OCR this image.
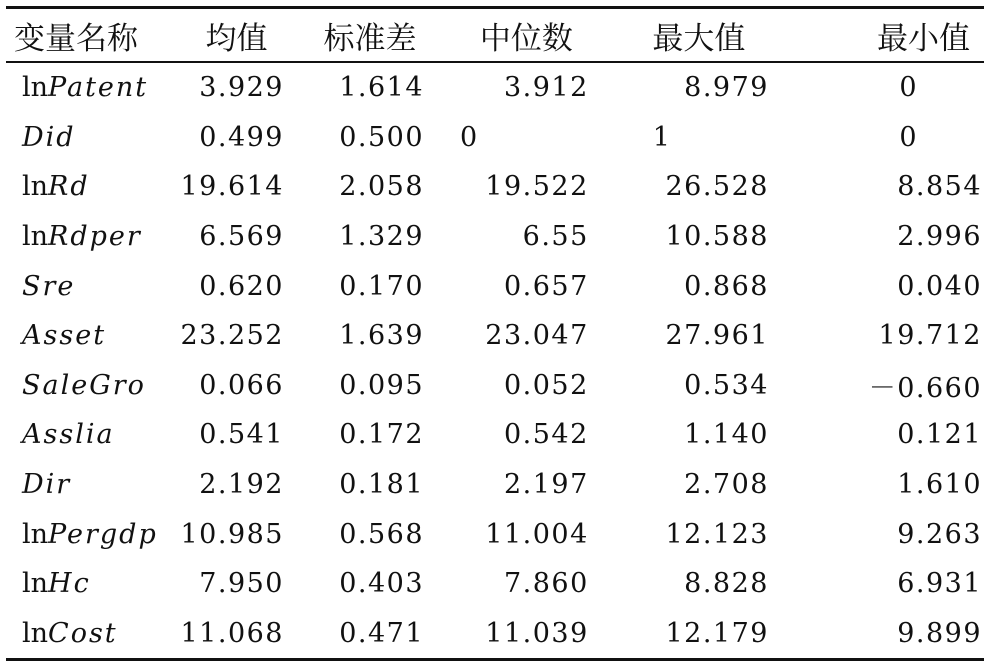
变量名称	均值	标准差	中位数	最大值	最小值
lnPatent	3.929	1.614	3.912	8.979	0
Did	0.499	0.500	0	1	0
lnRd	19.614	2.058	19.522	26.528	8.854
lnRdper	6.569	1.329	6.55	10.588	2.996
Sre	0.620	0.170	0.657	0.868	0.040
Asset	23.252	1.639	23.047	27.961	19.712
SaleGro	0.066	0.095	0.052	0.534	－0.660
Asslia	0.541	0.172	0.542	1.140	0.121
Dir	2.192	0.181	2.197	2.708	1.610
lnPergdp	10.985	0.568	11.004	12.123	9.263
lnHc	7.950	0.403	7.860	8.828	6.931
lnCost	11.068	0.471	11.039	12.179	9.899
